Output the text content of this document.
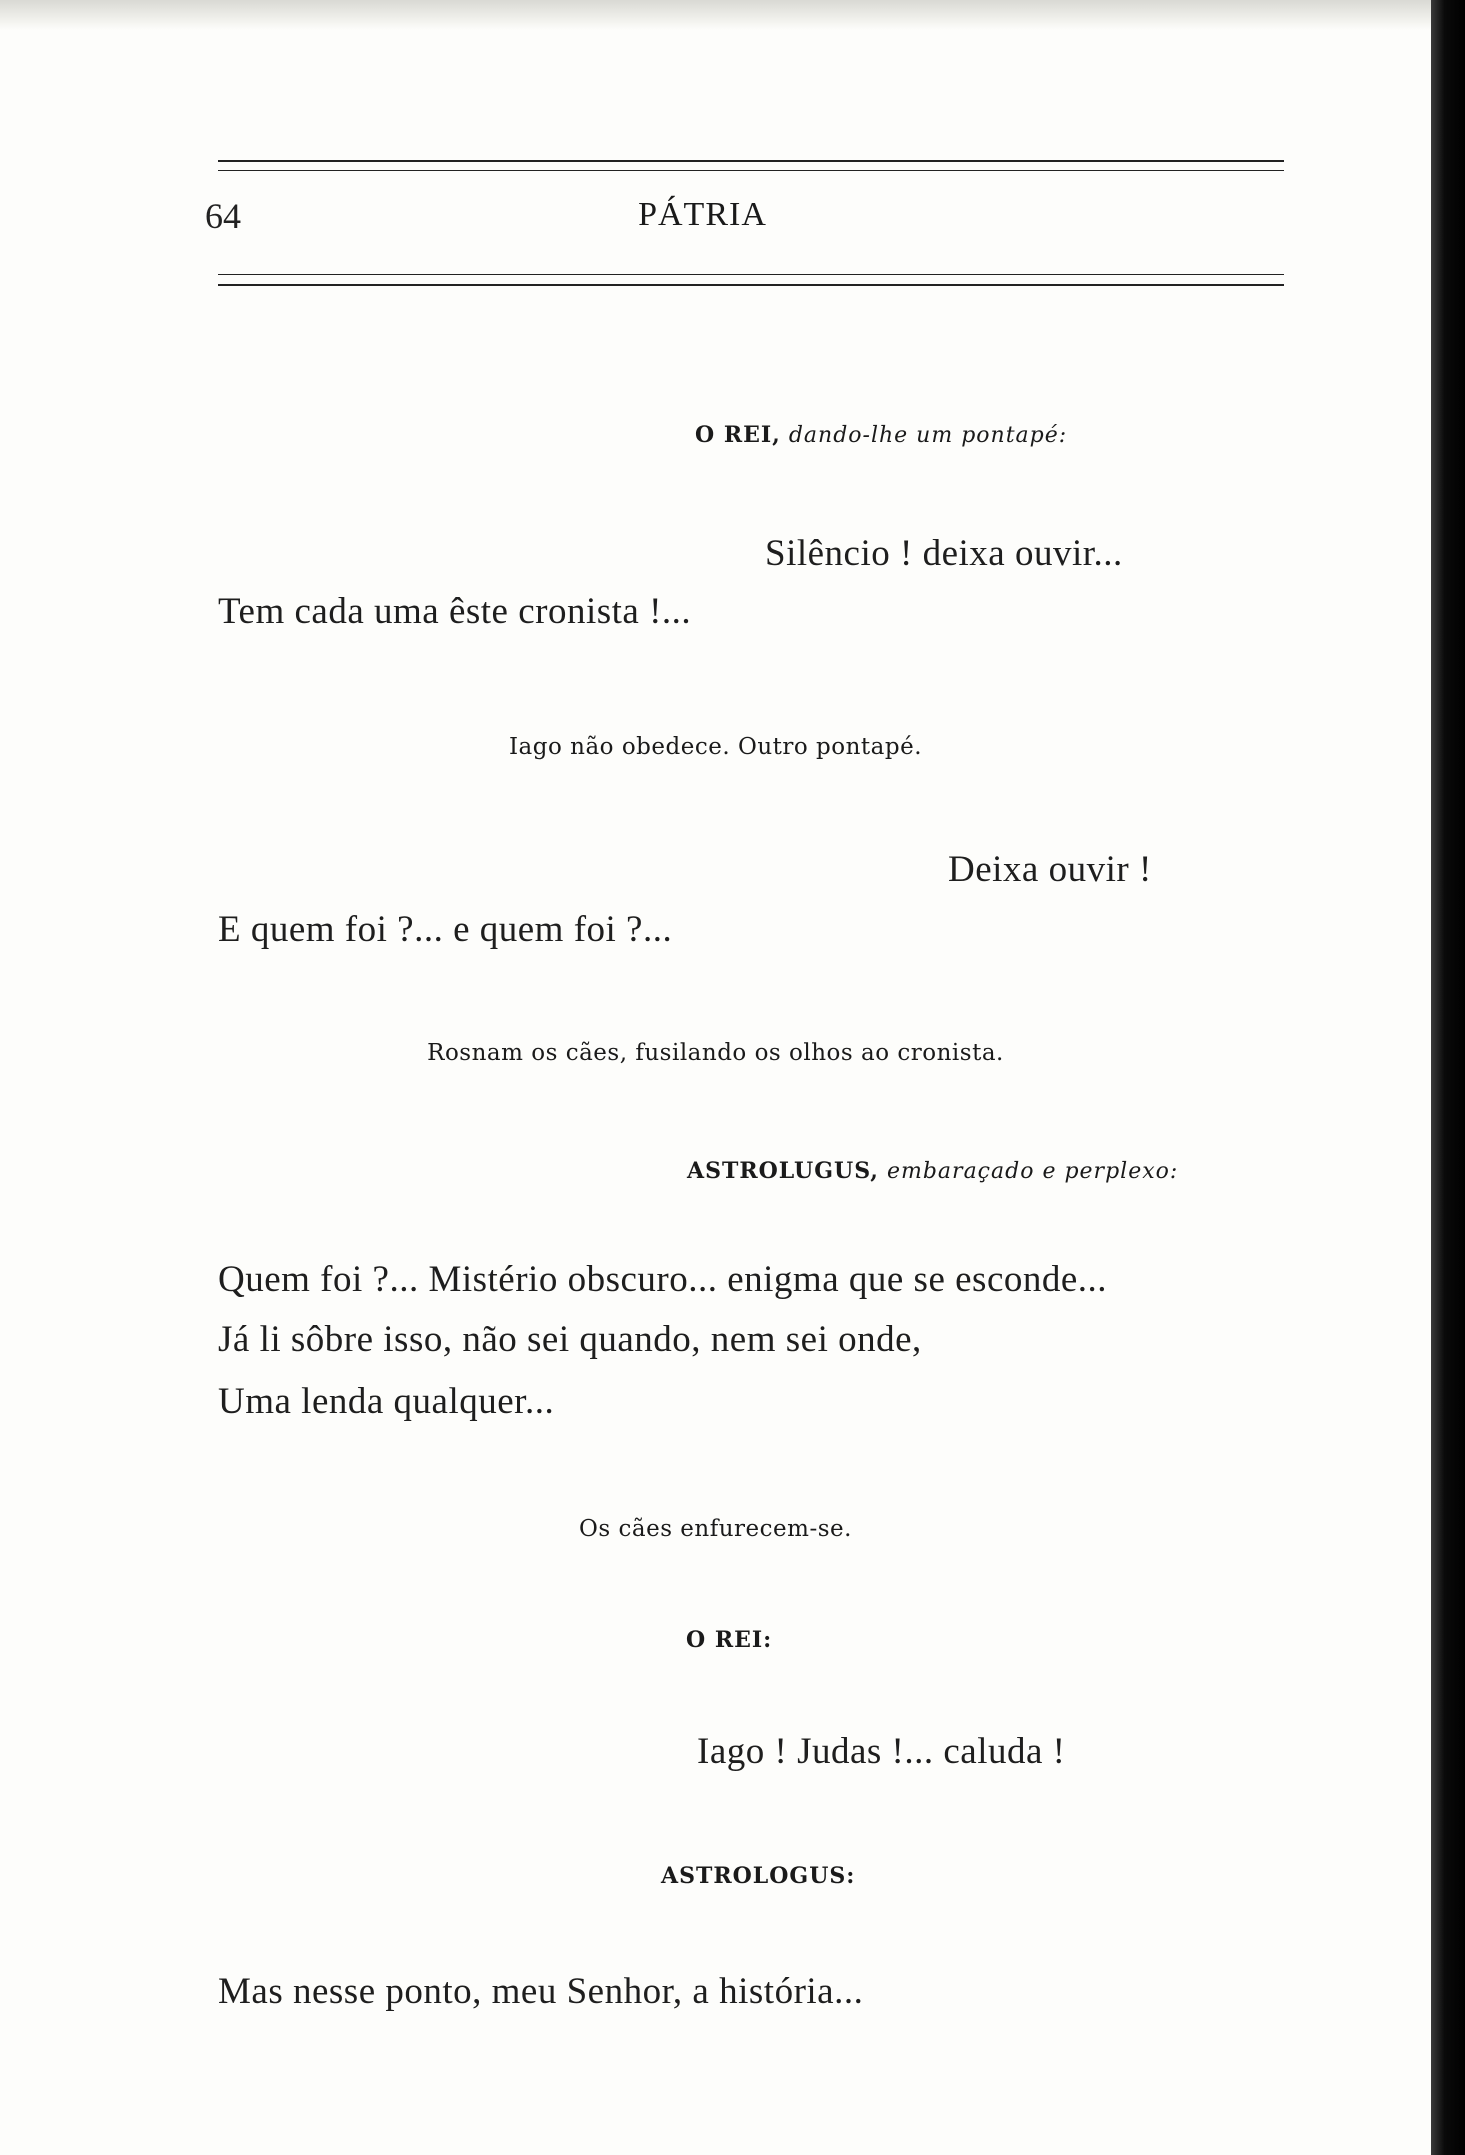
64	PÁTRIA
O REI, dando-lhe um pontapé:
Silêncio ! deixa ouvir...
Tem cada uma êste cronista !...
Iago não obedece. Outro pontapé.
Deixa ouvir !
E quem foi ?... e quem foi ?...
Rosnam os cães, fusilando os olhos ao cronista.
ASTROLUGUS, embaraçado e perplexo:
Quem foi ?... Mistério obscuro... enigma que se esconde...
Já li sôbre isso, não sei quando, nem sei onde,
Uma lenda qualquer...
Os cães enfurecem-se.
O REI:
Iago ! Judas !... caluda !
ASTROLOGUS:
Mas nesse ponto, meu Senhor, a história...
